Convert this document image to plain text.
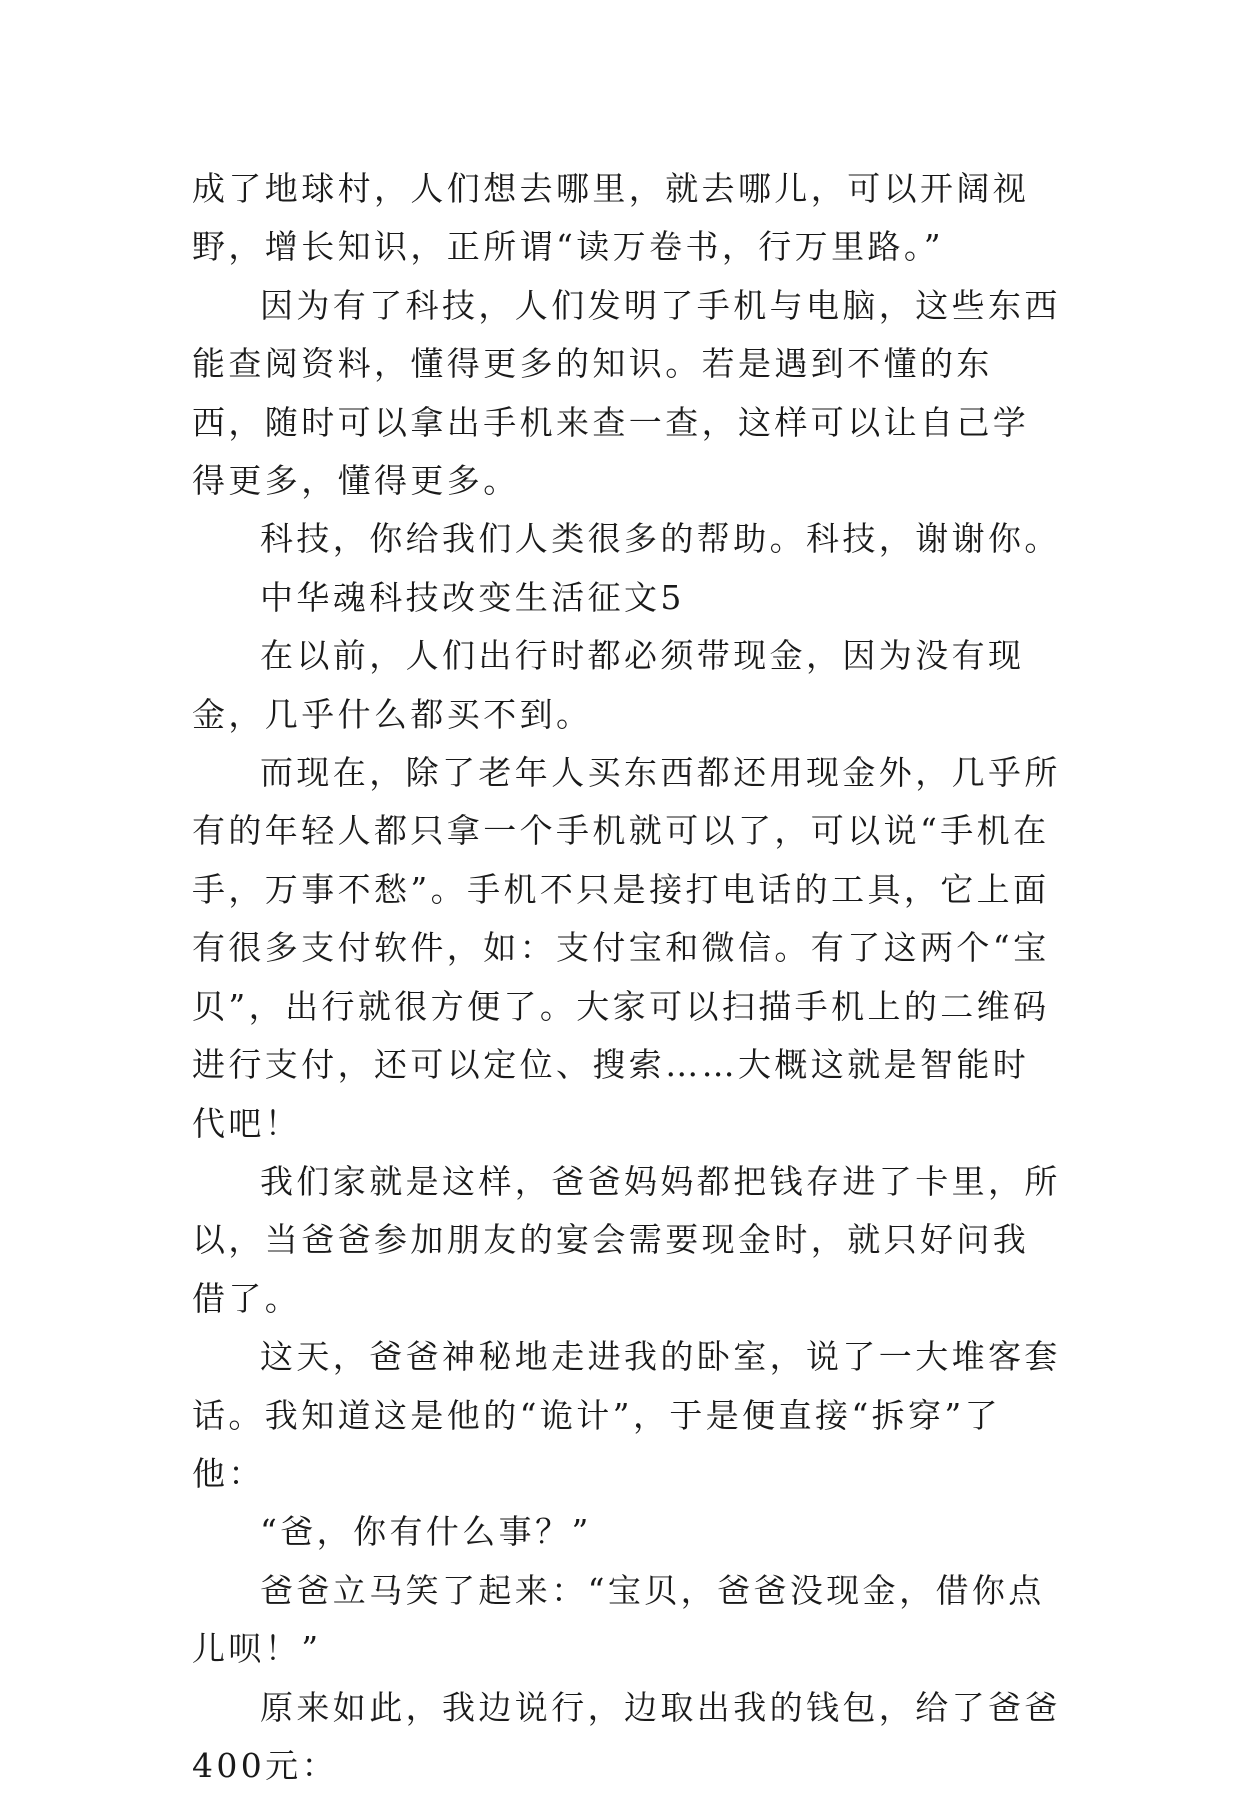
成了地球村，人们想去哪里，就去哪儿，可以开阔视野，增长知识，正所谓“读万卷书，行万里路。”

因为有了科技，人们发明了手机与电脑，这些东西能查阅资料，懂得更多的知识。若是遇到不懂的东西，随时可以拿出手机来查一查，这样可以让自己学得更多，懂得更多。

科技，你给我们人类很多的帮助。科技，谢谢你。

中华魂科技改变生活征文5

在以前，人们出行时都必须带现金，因为没有现金，几乎什么都买不到。

而现在，除了老年人买东西都还用现金外，几乎所有的年轻人都只拿一个手机就可以了，可以说“手机在手，万事不愁”。手机不只是接打电话的工具，它上面有很多支付软件，如：支付宝和微信。有了这两个“宝贝”，出行就很方便了。大家可以扫描手机上的二维码进行支付，还可以定位、搜索……大概这就是智能时代吧！

我们家就是这样，爸爸妈妈都把钱存进了卡里，所以，当爸爸参加朋友的宴会需要现金时，就只好问我借了。

这天，爸爸神秘地走进我的卧室，说了一大堆客套话。我知道这是他的“诡计”，于是便直接“拆穿”了他：

“爸，你有什么事？”

爸爸立马笑了起来：“宝贝，爸爸没现金，借你点儿呗！”

原来如此，我边说行，边取出我的钱包，给了爸爸400元：
